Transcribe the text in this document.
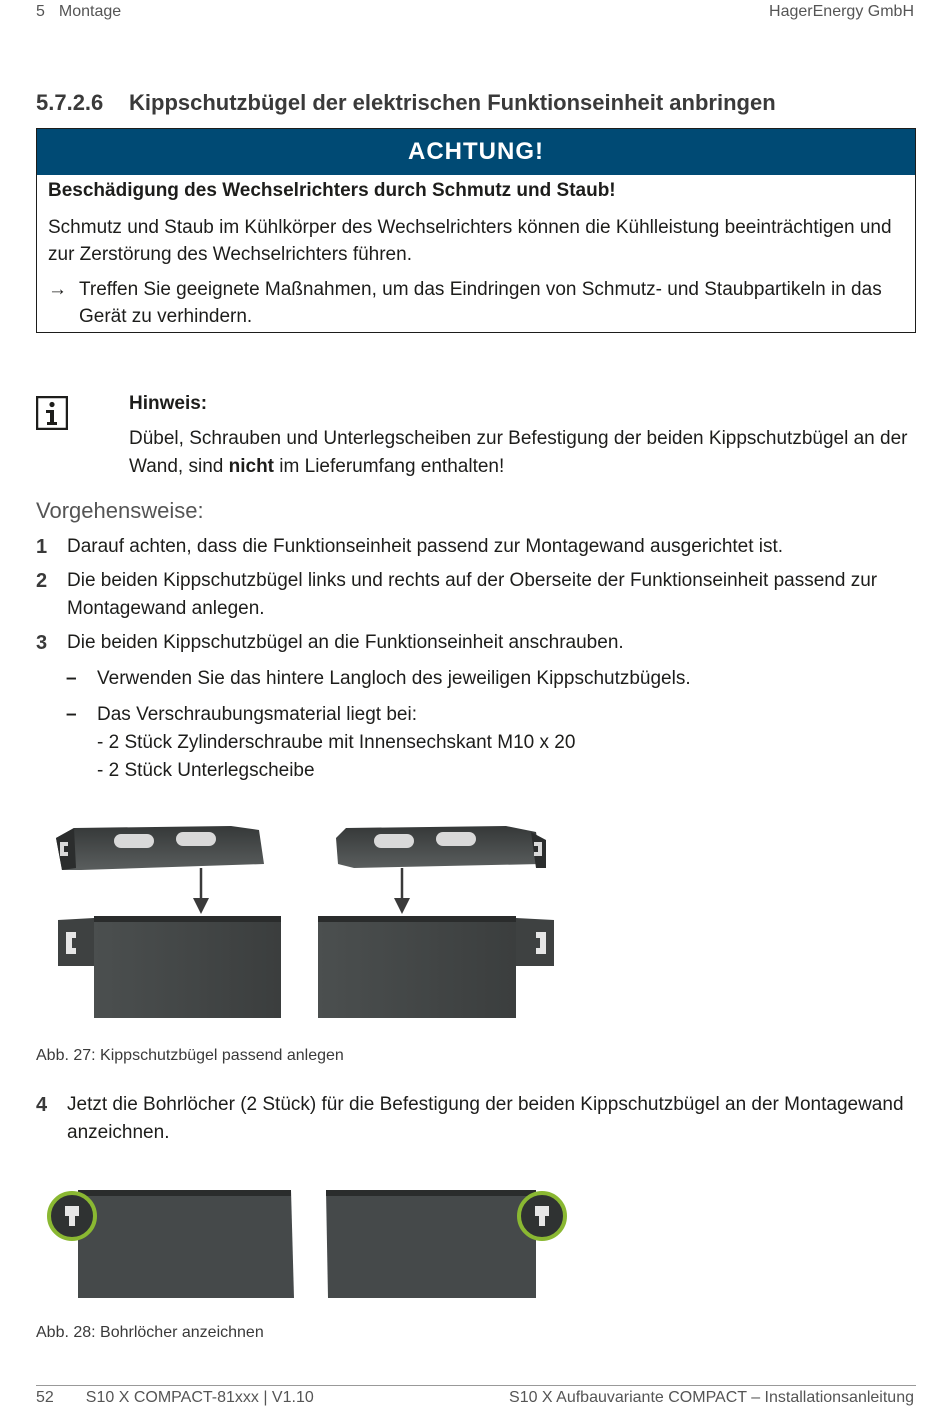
5 Montage	HagerEnergy GmbH
5.7.2.6 Kippschutzbügel der elektrischen Funktionseinheit anbringen
ACHTUNG!
Beschädigung des Wechselrichters durch Schmutz und Staub!
Schmutz und Staub im Kühlkörper des Wechselrichters können die Kühlleistung beeinträchtigen und zur Zerstörung des Wechselrichters führen.
→ Treffen Sie geeignete Maßnahmen, um das Eindringen von Schmutz- und Staubpartikeln in das Gerät zu verhindern.
Hinweis:
Dübel, Schrauben und Unterlegscheiben zur Befestigung der beiden Kippschutzbügel an der Wand, sind nicht im Lieferumfang enthalten!
Vorgehensweise:
1	Darauf achten, dass die Funktionseinheit passend zur Montagewand ausgerichtet ist.
2	Die beiden Kippschutzbügel links und rechts auf der Oberseite der Funktionseinheit passend zur Montagewand anlegen.
3	Die beiden Kippschutzbügel an die Funktionseinheit anschrauben.
–	Verwenden Sie das hintere Langloch des jeweiligen Kippschutzbügels.
–	Das Verschraubungsmaterial liegt bei:
- 2 Stück Zylinderschraube mit Innensechskant M10 x 20
- 2 Stück Unterlegscheibe
Abb. 27: Kippschutzbügel passend anlegen
4	Jetzt die Bohrlöcher (2 Stück) für die Befestigung der beiden Kippschutzbügel an der Montagewand anzeichnen.
Abb. 28: Bohrlöcher anzeichnen
52 S10 X COMPACT-81xxx | V1.10	S10 X Aufbauvariante COMPACT – Installationsanleitung
